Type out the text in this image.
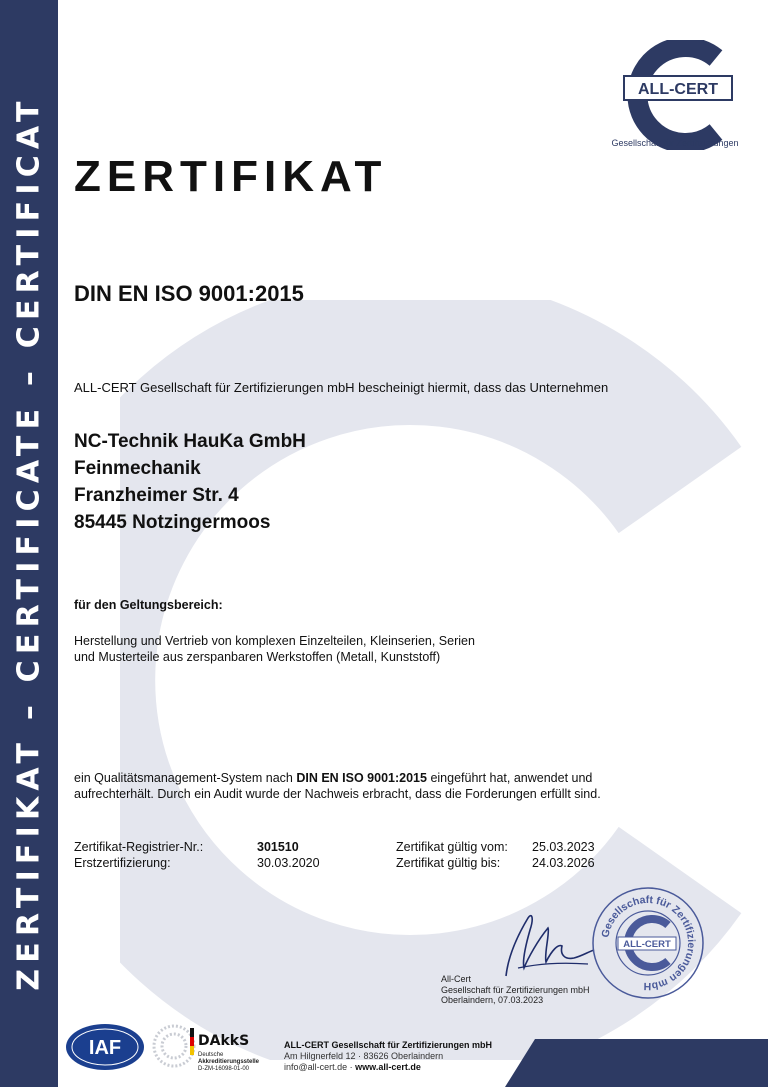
ZERTIFIKAT – CERTIFICATE – CERTIFICAT
ALL-CERT
Gesellschaft für Zertifizierungen
ZERTIFIKAT
DIN EN ISO 9001:2015
ALL-CERT Gesellschaft für Zertifizierungen mbH bescheinigt hiermit, dass das Unternehmen
NC-Technik HauKa GmbH
Feinmechanik
Franzheimer Str. 4
85445 Notzingermoos
für den Geltungsbereich:
Herstellung und Vertrieb von komplexen Einzelteilen, Kleinserien, Serien
und Musterteile aus zerspanbaren Werkstoffen (Metall, Kunststoff)
ein Qualitätsmanagement-System nach DIN EN ISO 9001:2015 eingeführt hat, anwendet und
aufrechterhält. Durch ein Audit wurde der Nachweis erbracht, dass die Forderungen erfüllt sind.
Zertifikat-Registrier-Nr.:	301510	Zertifikat gültig vom: 25.03.2023
Erstzertifizierung:	30.03.2020	Zertifikat gültig bis:	24.03.2026
Gesellschaft für Zertifizierungen mbH
ALL-CERT
All-Cert
Gesellschaft für Zertifizierungen mbH
Oberlaindern, 07.03.2023
IAF	DAkkS
Deutsche
Akkreditierungsstelle
D-ZM-16098-01-00
ALL-CERT Gesellschaft für Zertifizierungen mbH
Am Hilgnerfeld 12 · 83626 Oberlaindern
info@all-cert.de · www.all-cert.de
